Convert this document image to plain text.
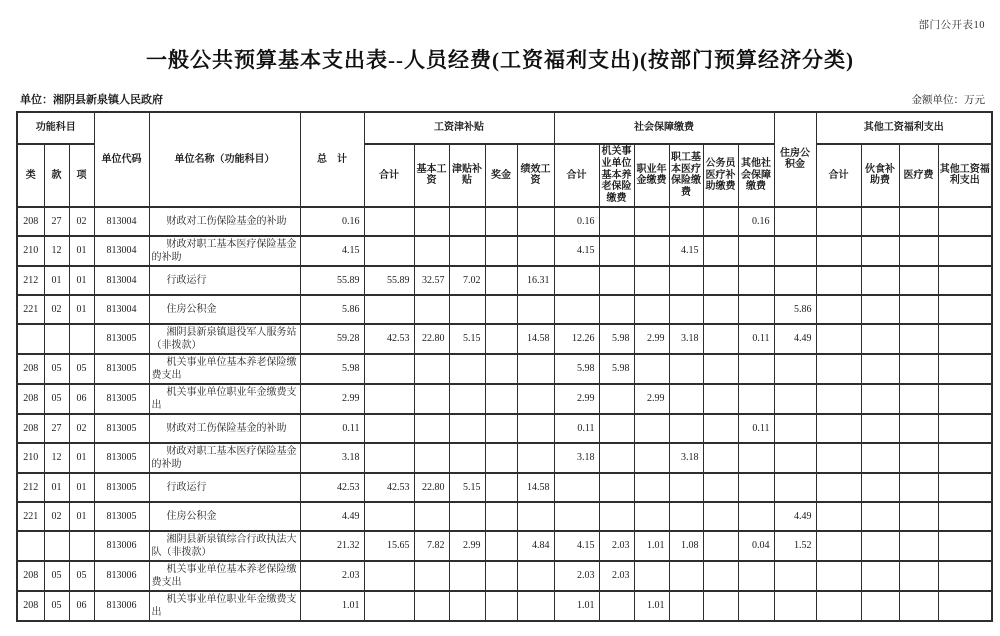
部门公开表10
一般公共预算基本支出表--人员经费(工资福利支出)(按部门预算经济分类)
单位：湘阴县新泉镇人民政府	金额单位：万元
功能科目			单位代码	单位名称（功能科目）	总　计	工资津补贴					社会保障缴费						住房公积金	其他工资福利支出			
类	款	项				合计	基本工资	津贴补贴	奖金	绩效工资	合计	机关事业单位基本养老保险缴费	职业年金缴费	职工基本医疗保险缴费	公务员医疗补助缴费	其他社会保障缴费		合计	伙食补助费	医疗费	其他工资福利支出
208	27	02	813004	财政对工伤保险基金的补助	0.16						0.16					0.16					
210	12	01	813004	财政对职工基本医疗保险基金的补助	4.15						4.15			4.15							
212	01	01	813004	行政运行	55.89	55.89	32.57	7.02		16.31											
221	02	01	813004	住房公积金	5.86												5.86				
			813005	湘阴县新泉镇退役军人服务站（非拨款）	59.28	42.53	22.80	5.15		14.58	12.26	5.98	2.99	3.18		0.11	4.49				
208	05	05	813005	机关事业单位基本养老保险缴费支出	5.98						5.98	5.98									
208	05	06	813005	机关事业单位职业年金缴费支出	2.99						2.99		2.99								
208	27	02	813005	财政对工伤保险基金的补助	0.11						0.11					0.11					
210	12	01	813005	财政对职工基本医疗保险基金的补助	3.18						3.18			3.18							
212	01	01	813005	行政运行	42.53	42.53	22.80	5.15		14.58											
221	02	01	813005	住房公积金	4.49												4.49				
			813006	湘阴县新泉镇综合行政执法大队（非拨款）	21.32	15.65	7.82	2.99		4.84	4.15	2.03	1.01	1.08		0.04	1.52				
208	05	05	813006	机关事业单位基本养老保险缴费支出	2.03						2.03	2.03									
208	05	06	813006	机关事业单位职业年金缴费支出	1.01						1.01		1.01								
